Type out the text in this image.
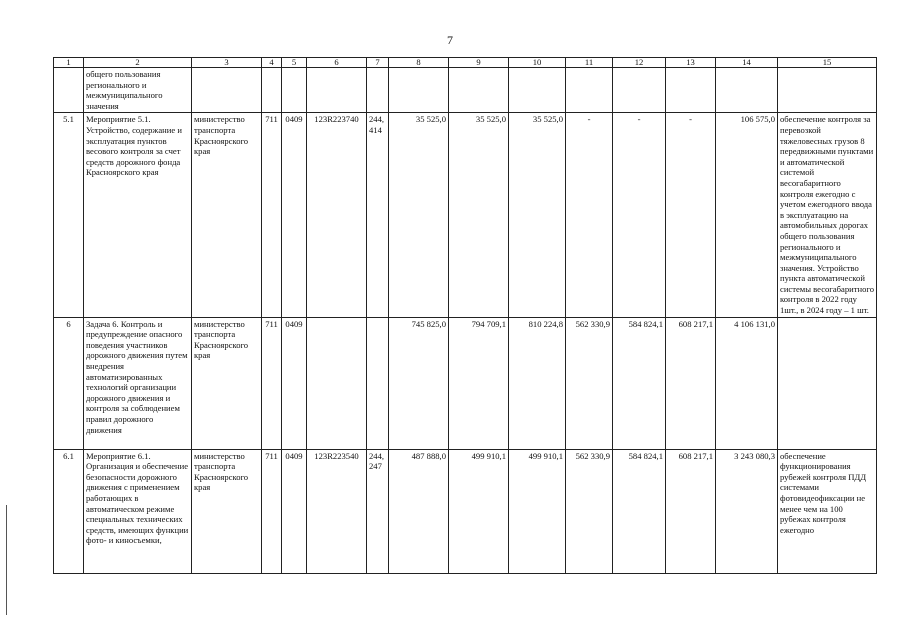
7
1	2	3	4	5	6	7	8	9	10	11	12	13	14	15
	общего пользования регионального и межмуниципального значения													
5.1	Мероприятие 5.1. Устройство, содержание и эксплуатация пунктов весового контроля за счет средств дорожного фонда Красноярского края	министерство транспорта Красноярского края	711	0409	123R223740	244, 414	35 525,0	35 525,0	35 525,0	-	-	-	106 575,0	обеспечение контроля за перевозкой тяжеловесных грузов 8 передвижными пунктами и автоматической системой весогабаритного контроля ежегодно с учетом ежегодного ввода в эксплуатацию на автомобильных дорогах общего пользования регионального и межмуниципального значения. Устройство пункта автоматической системы весогабаритного контроля в 2022 году 1шт., в 2024 году – 1 шт.
6	Задача 6. Контроль и предупреждение опасного поведения участников дорожного движения путем внедрения автоматизированных технологий организации дорожного движения и контроля за соблюдением правил дорожного движения	министерство транспорта Красноярского края	711	0409			745 825,0	794 709,1	810 224,8	562 330,9	584 824,1	608 217,1	4 106 131,0	
6.1	Мероприятие 6.1. Организация и обеспечение безопасности дорожного движения с применением работающих в автоматическом режиме специальных технических средств, имеющих функции фото- и киносъемки,	министерство транспорта Красноярского края	711	0409	123R223540	244, 247	487 888,0	499 910,1	499 910,1	562 330,9	584 824,1	608 217,1	3 243 080,3	обеспечение функционирования рубежей контроля ПДД системами фотовидеофиксации не менее чем на 100 рубежах контроля ежегодно
